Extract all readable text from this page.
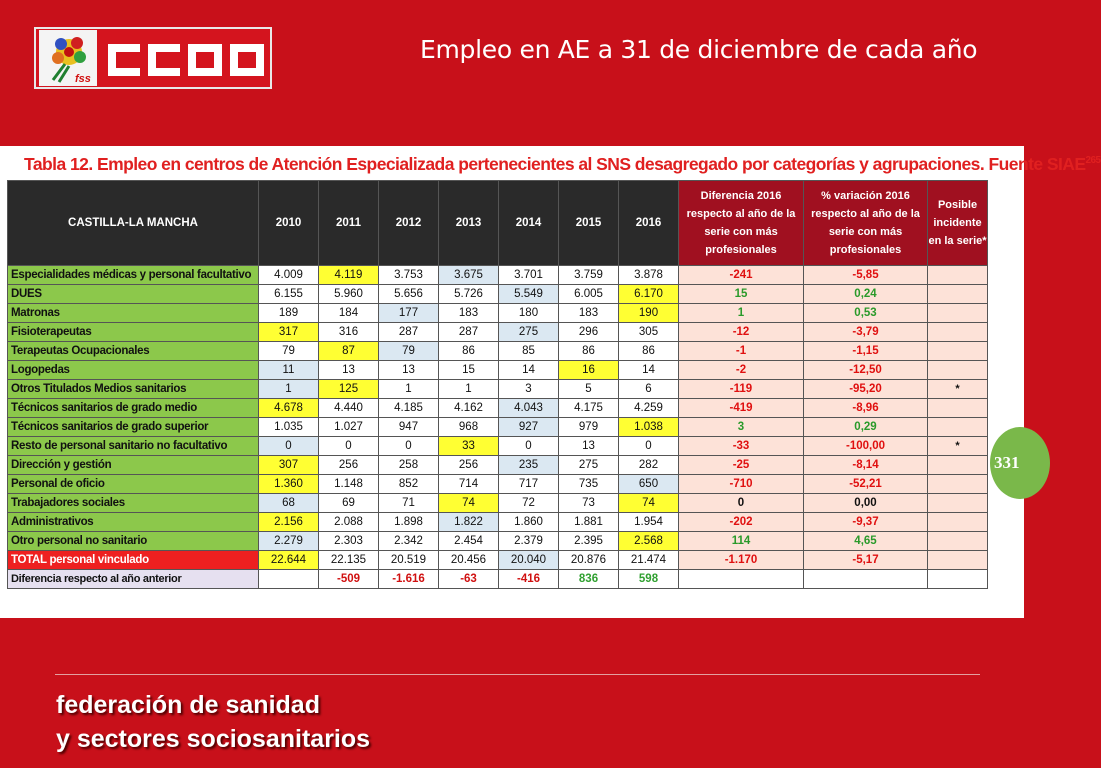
fss
Empleo en AE a 31 de diciembre de cada año
Tabla 12. Empleo en centros de Atención Especializada pertenecientes al SNS desagregado por categorías y agrupaciones. Fuente SIAE$^{265}$
CASTILLA-LA MANCHA	2010	2011	2012	2013	2014	2015	2016	Diferencia 2016 respecto al año de la serie con más profesionales	% variación 2016 respecto al año de la serie con más profesionales	Posible incidente en la serie*
Especialidades médicas y personal facultativo	4.009	4.119	3.753	3.675	3.701	3.759	3.878	-241	-5,85	
DUES	6.155	5.960	5.656	5.726	5.549	6.005	6.170	15	0,24	
Matronas	189	184	177	183	180	183	190	1	0,53	
Fisioterapeutas	317	316	287	287	275	296	305	-12	-3,79	
Terapeutas Ocupacionales	79	87	79	86	85	86	86	-1	-1,15	
Logopedas	11	13	13	15	14	16	14	-2	-12,50	
Otros Titulados Medios sanitarios	1	125	1	1	3	5	6	-119	-95,20	*
Técnicos sanitarios de grado medio	4.678	4.440	4.185	4.162	4.043	4.175	4.259	-419	-8,96	
Técnicos sanitarios de grado superior	1.035	1.027	947	968	927	979	1.038	3	0,29	
Resto de personal sanitario no facultativo	0	0	0	33	0	13	0	-33	-100,00	*
Dirección y gestión	307	256	258	256	235	275	282	-25	-8,14	
Personal de oficio	1.360	1.148	852	714	717	735	650	-710	-52,21	
Trabajadores sociales	68	69	71	74	72	73	74	0	0,00	
Administrativos	2.156	2.088	1.898	1.822	1.860	1.881	1.954	-202	-9,37	
Otro personal no sanitario	2.279	2.303	2.342	2.454	2.379	2.395	2.568	114	4,65	
TOTAL personal vinculado	22.644	22.135	20.519	20.456	20.040	20.876	21.474	-1.170	-5,17	
Diferencia respecto al año anterior		-509	-1.616	-63	-416	836	598			
331
federación de sanidad
y sectores sociosanitarios
